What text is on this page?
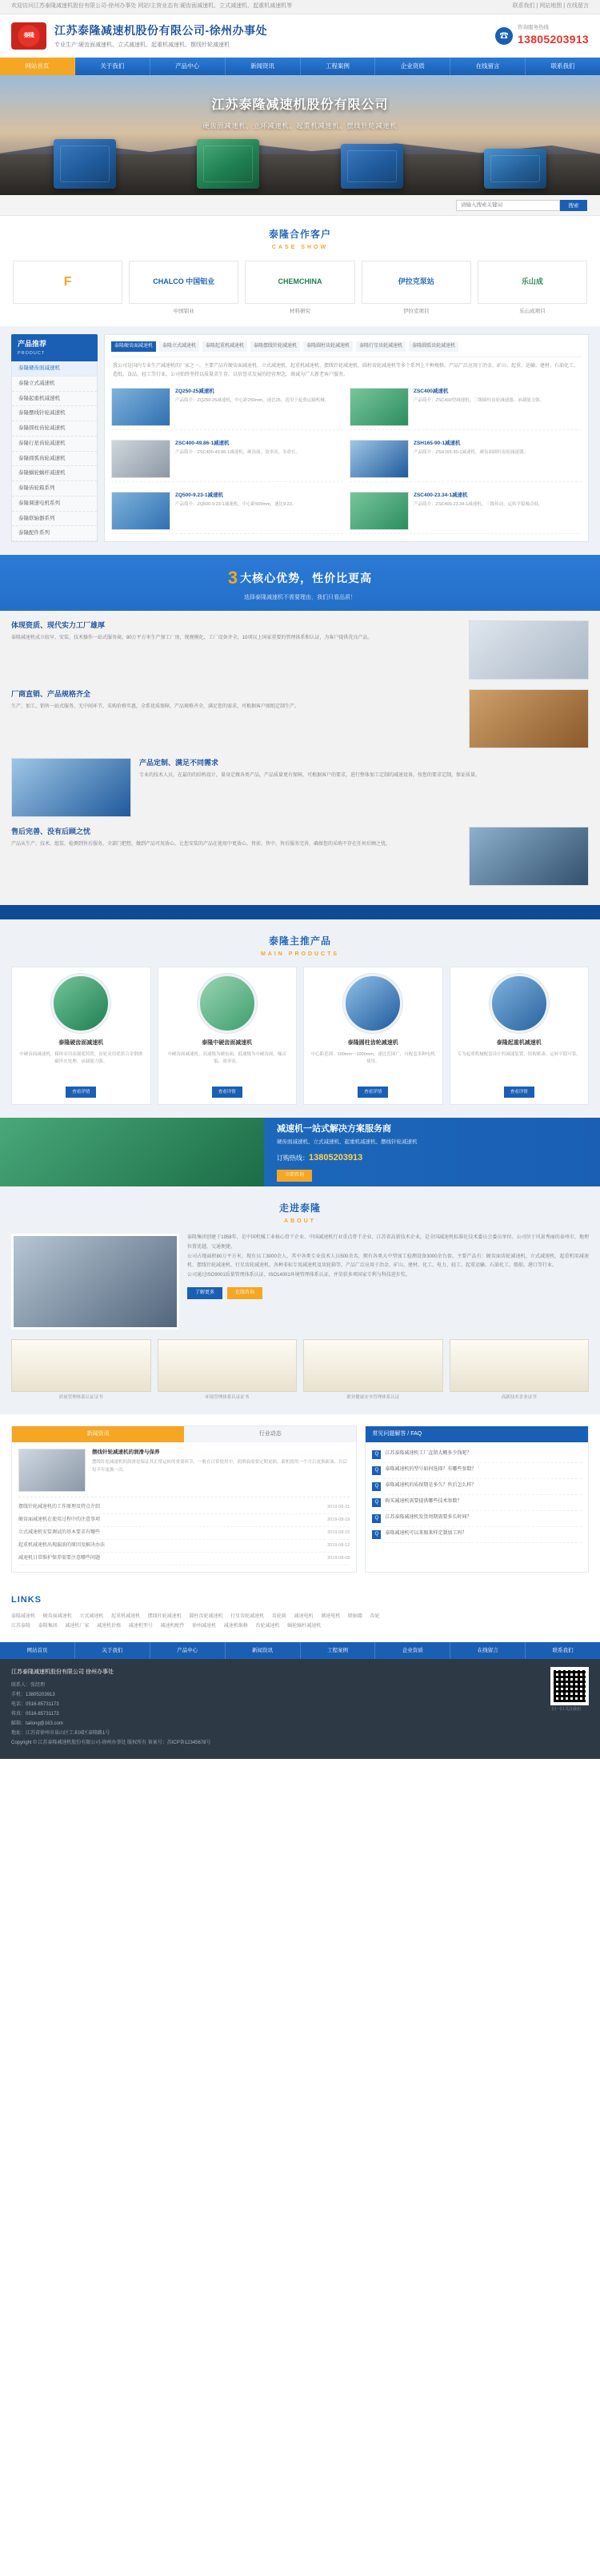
欢迎访问江苏泰隆减速机股份有限公司-徐州办事处 网站!主营业态有:硬齿面减速机、立式减速机、起重机减速机等	联系我们 | 网站地图 | 在线留言
泰隆	江苏泰隆减速机股份有限公司-徐州办事处
专业生产:硬齿面减速机、立式减速机、起重机减速机、摆线针轮减速机
☎
咨询服务热线
13805203913
网站首页	关于我们	产品中心	新闻资讯	工程案例	企业资质	在线留言	联系我们
江苏泰隆减速机股份有限公司
硬齿面减速机、立环减速机、起重机减速机、摆线针轮减速机
请输入搜索关键词
搜索
泰隆合作客户
CASE SHOW
F	CHALCO 中国铝业	CHEMCHINA	伊拉克泵站	乐山成
中国铝业	材料研究	伊拉克项目	乐山成项目
产品推荐
PRODUCT
泰隆硬齿面减速机
泰隆立式减速机
泰隆起重机减速机
泰隆摆线针轮减速机
泰隆圆柱齿轮减速机
泰隆行星齿轮减速机
泰隆圆弧齿轮减速机
泰隆蜗轮蜗杆减速机
泰隆齿轮箱系列
泰隆调速电机系列
泰隆联轴器系列
泰隆配件系列
泰隆硬齿面减速机	泰隆立式减速机	泰隆起重机减速机	泰隆摆线针轮减速机	泰隆圆柱齿轮减速机	泰隆行星齿轮减速机	泰隆圆弧齿轮减速机
我公司是国内专业生产减速机的厂家之一，主要产品有硬齿面减速机、立式减速机、起重机减速机、摆线针轮减速机、圆柱齿轮减速机等多个系列上千种规格，产品广泛应用于冶金、矿山、起重、运输、建材、石油化工、造纸、食品、轻工等行业。公司始终坚持以质量求生存，以信誉求发展的经营理念，竭诚为广大新老客户服务。
ZQ250-25减速机
产品简介：ZQ250-25减速机，中心距250mm，速比25，适用于起重运输机械。
ZSC400减速机
产品简介：ZSC400型减速机，三级圆柱齿轮减速器，承载能力强。
ZSC400-49.86-1减速机
产品简介：ZSC400-49.86-1减速机，硬齿面，效率高，寿命长。
ZSH165-90-1减速机
产品简介：ZSH165-90-1减速机，硬齿面圆柱齿轮减速器。
ZQ500-9.23-1减速机
产品简介：ZQ500-9.23-1减速机，中心距500mm，速比9.23。
ZSC400-23.34-1减速机
产品简介：ZSC400-23.34-1减速机，三级传动，运转平稳噪音低。
3 大核心优势，性价比更高
选择泰隆减速机不需要理由，我们只看品质！
体现资质、现代实力工厂雄厚

泰隆减速机成立较早、安装、技术操作一站式服务商，80万平方米生产加工厂房，现规模化、工厂设备齐全，10项以上国家重要的管理体系和认证，为客户提供优良产品。

厂商直销、产品规格齐全

生产、加工、销售一站式服务，无中间环节，采购价格实惠，全系优质保障，产品规格齐全，满足您的需求，可根据客户图纸定制生产。

产品定制、满足不同需求

专业的技术人员，在最的的结构设计，量身定做各类产品，产品质量更有保障，可根据客户的要求，进行整体加工定制的减速设备，按您的要求定制，保证质量。

售后完善、没有后顾之忧

产品从生产、技术、组装、检测到售后服务，全部门把控，做到产品可用放心，让您安装的产品在使用中更放心，售前、售中、售后服务完善，确保您的采购不存在任何后顾之忧。

泰隆主推产品
MAIN PRODUCTS
泰隆硬齿面减速机

中硬齿面减速机，箱体采用高强度铸铁，齿轮采用优质合金钢渗碳淬火处理，承载能力强。

查看详情
泰隆中硬齿面减速机

中硬齿面减速机，高速级为硬齿面，低速级为中硬齿面，噪音低、效率高。

查看详情
泰隆圆柱齿轮减速机

中心距范围：100mm～1000mm，速比范围广，可配套多种电机使用。

查看详情
泰隆起重机减速机

专为起重机械配套设计的减速装置，结构紧凑、运转平稳可靠。

查看详情
减速机一站式解决方案服务商

硬齿面减速机、立式减速机、起重机减速机、摆线针轮减速机

订购热线：13805203913
立即咨询
走进泰隆
ABOUT

泰隆集团创建于1958年，是中国机械工业核心骨干企业、中国减速机行业重点骨干企业、江苏省高新技术企业，是全国减速机标准化技术委员会委员单位。公司位于风景秀丽的泰州市，地理位置优越，交通便捷。

公司占地面积80万平方米，现有员工3000余人，其中各类专业技术人员500余名，拥有各类大中型加工检测设备3000余台套。主要产品有：硬齿面齿轮减速机、立式减速机、起重机用减速机、摆线针轮减速机、行星齿轮减速机、各种非标专用减速机及齿轮箱等，产品广泛应用于冶金、矿山、建材、化工、电力、轻工、起重运输、石油化工、船舶、港口等行业。

公司通过ISO9001质量管理体系认证、ISO14001环境管理体系认证，并荣获多项国家专利与科技进步奖。

了解更多	在线咨询
质量管理体系认证证书	环境管理体系认证证书	职业健康安全管理体系认证	高新技术企业证书
新闻资讯	行业动态
摆线针轮减速机的润滑与保养

摆线针轮减速机的润滑是保证其正常运转的重要环节，一般在日常使用中，润滑油需要定期更换，新机使用一个月后更换新油，以后每半年更换一次。

摆线针轮减速机的工作原理及特点介绍	2019-08-21
硬齿面减速机在使用过程中的注意事项	2019-08-19
立式减速机安装调试的基本要求有哪些	2019-08-15
起重机减速机出现漏油的原因及解决办法	2019-08-12
减速机日常维护保养需要注意哪些问题	2019-08-08
常见问题解答 / FAQ
Q	江苏泰隆减速机工厂直销大概多少钱呢？
Q	泰隆减速机的型号如何选择？有哪些参数？
Q	泰隆减速机的质保期是多久？售后怎么样？
Q	购买减速机需要提供哪些技术参数？
Q	江苏泰隆减速机发货周期需要多长时间？
Q	泰隆减速机可以来图来样定制加工吗？
LINKS
泰隆减速机 硬齿面减速机 立式减速机 起重机减速机 摆线针轮减速机 圆柱齿轮减速机 行星齿轮减速机 齿轮箱 减速电机 调速电机 联轴器 齿轮
江苏泰隆 泰隆集团 减速机厂家 减速机价格 减速机型号 减速机配件 徐州减速机 减速机维修 齿轮减速机 蜗轮蜗杆减速机
网站首页	关于我们	产品中心	新闻资讯	工程案例	企业资质	在线留言	联系我们
江苏泰隆减速机股份有限公司 徐州办事处
联系人：张经理
手机：13805203913
电话：0516-85731173
传真：0516-85731173
邮箱：tailong@163.com
地址：江苏省徐州市泉山区工业园区泰隆路1号
Copyright © 江苏泰隆减速机股份有限公司-徐州办事处 版权所有 备案号：苏ICP备12345678号
扫一扫 关注我们
